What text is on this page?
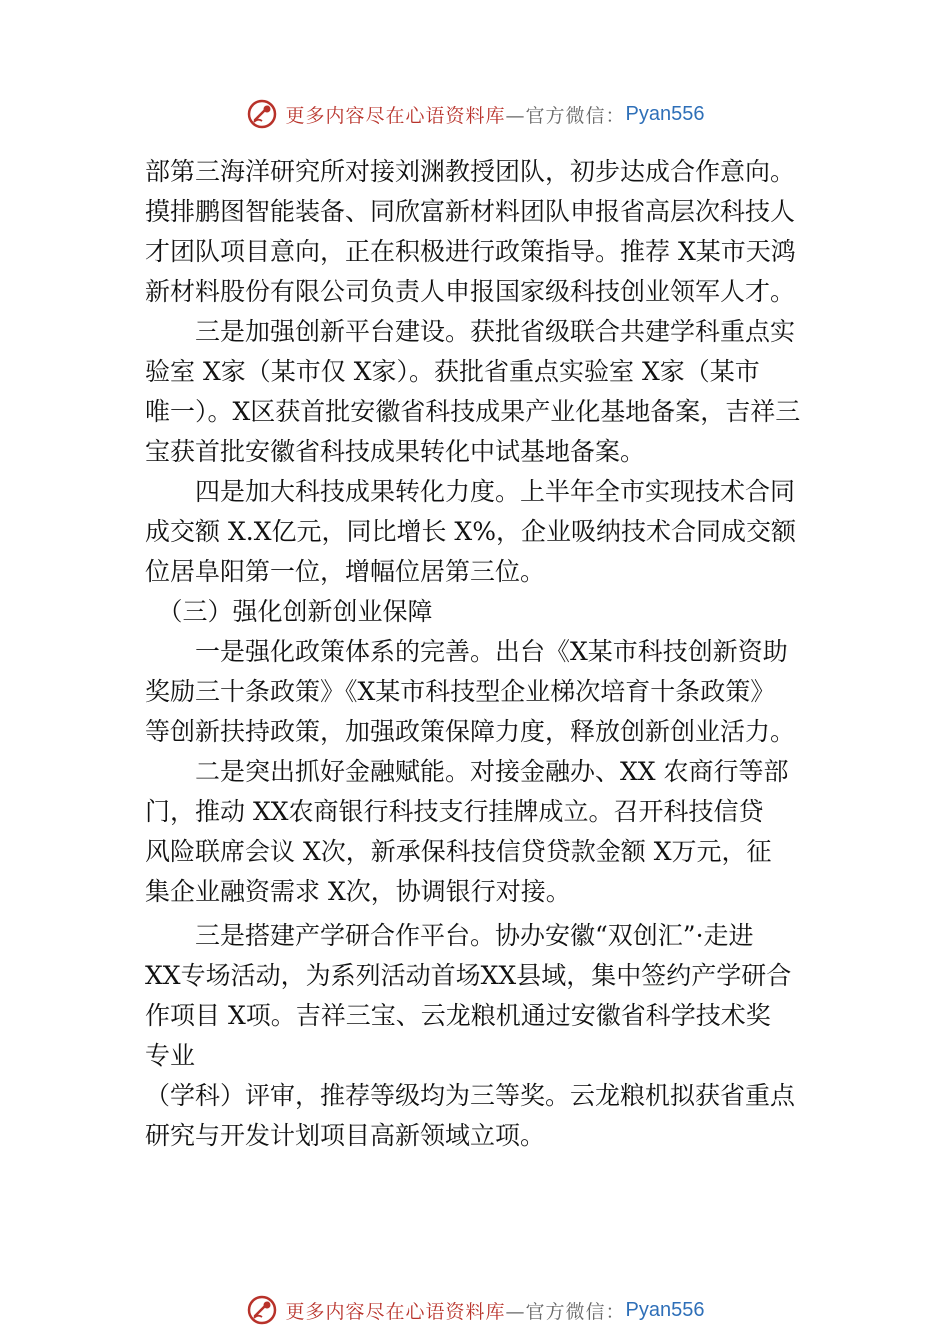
更多内容尽在心语资料库 —官方微信： Pyan556
部第三海洋研究所对接刘渊教授团队，初步达成合作意向。
摸排鹏图智能装备、同欣富新材料团队申报省高层次科技人
才团队项目意向，正在积极进行政策指导。推荐 X某市天鸿
新材料股份有限公司负责人申报国家级科技创业领军人才。
　　三是加强创新平台建设。获批省级联合共建学科重点实
验室 X家（某市仅 X家）。获批省重点实验室 X家（某市
唯一）。X区获首批安徽省科技成果产业化基地备案，吉祥三
宝获首批安徽省科技成果转化中试基地备案。
　　四是加大科技成果转化力度。上半年全市实现技术合同
成交额 X.X亿元，同比增长 X%，企业吸纳技术合同成交额
位居阜阳第一位，增幅位居第三位。
　（三）强化创新创业保障
　　一是强化政策体系的完善。出台《X某市科技创新资助
奖励三十条政策》《X某市科技型企业梯次培育十条政策》
等创新扶持政策，加强政策保障力度，释放创新创业活力。
　　二是突出抓好金融赋能。对接金融办、XX 农商行等部
门，推动 XX农商银行科技支行挂牌成立。召开科技信贷
风险联席会议 X次，新承保科技信贷贷款金额 X万元，征
集企业融资需求 X次，协调银行对接。
　　三是搭建产学研合作平台。协办安徽“双创汇”·走进
XX专场活动，为系列活动首场XX县域，集中签约产学研合
作项目 X项。吉祥三宝、云龙粮机通过安徽省科学技术奖
专业
（学科）评审，推荐等级均为三等奖。云龙粮机拟获省重点
研究与开发计划项目高新领域立项。
更多内容尽在心语资料库 —官方微信： Pyan556
